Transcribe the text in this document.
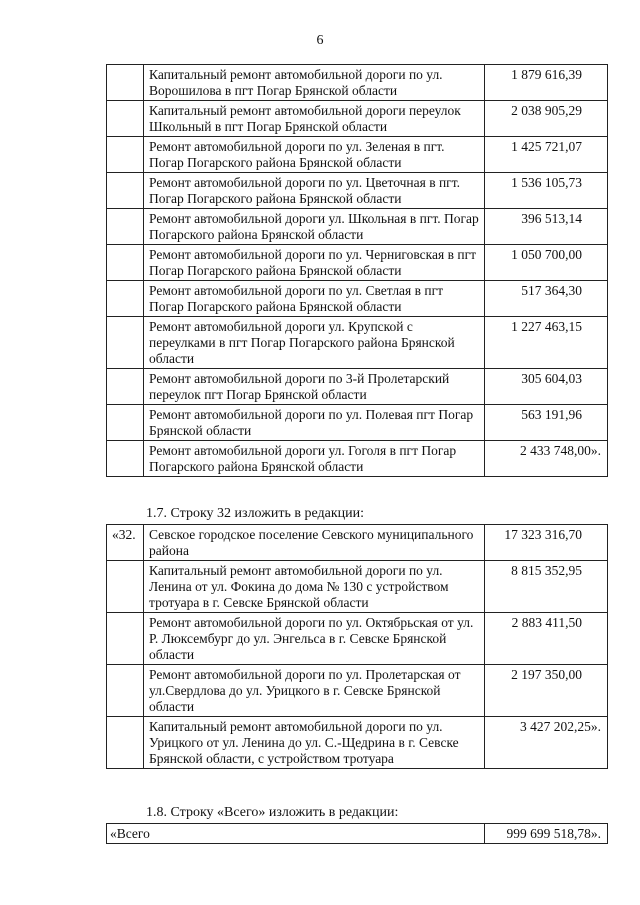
6
	Капитальный ремонт автомобильной дороги по ул. Ворошилова в пгт Погар Брянской области	1 879 616,39
	Капитальный ремонт автомобильной дороги переулок Школьный в пгт Погар Брянской области	2 038 905,29
	Ремонт автомобильной дороги по ул. Зеленая в пгт. Погар Погарского района Брянской области	1 425 721,07
	Ремонт автомобильной дороги по ул. Цветочная в пгт. Погар Погарского района Брянской области	1 536 105,73
	Ремонт автомобильной дороги ул. Школьная в пгт. Погар Погарского района Брянской области	396 513,14
	Ремонт автомобильной дороги по ул. Черниговская в пгт Погар Погарского района Брянской области	1 050 700,00
	Ремонт автомобильной дороги по ул. Светлая в пгт Погар Погарского района Брянской области	517 364,30
	Ремонт автомобильной дороги ул. Крупской с переулками в пгт Погар Погарского района Брянской области	1 227 463,15
	Ремонт автомобильной дороги по 3-й Пролетарский переулок пгт Погар Брянской области	305 604,03
	Ремонт автомобильной дороги по ул. Полевая пгт Погар Брянской области	563 191,96
	Ремонт автомобильной дороги ул. Гоголя в пгт Погар Погарского района Брянской области	2 433 748,00».
1.7. Строку 32 изложить в редакции:
«32.	Севское городское поселение Севского муниципального района	17 323 316,70
	Капитальный ремонт автомобильной дороги по ул. Ленина от ул. Фокина до дома № 130 с устройством тротуара в г. Севске Брянской области	8 815 352,95
	Ремонт автомобильной дороги по ул. Октябрьская от ул. Р. Люксембург до ул. Энгельса в г. Севске Брянской области	2 883 411,50
	Ремонт автомобильной дороги по ул. Пролетарская от ул.Свердлова до ул. Урицкого в г. Севске Брянской области	2 197 350,00
	Капитальный ремонт автомобильной дороги по ул. Урицкого от ул. Ленина до ул. С.-Щедрина в г. Севске Брянской области, с устройством тротуара	3 427 202,25».
1.8. Строку «Всего» изложить в редакции:
«Всего	999 699 518,78».
